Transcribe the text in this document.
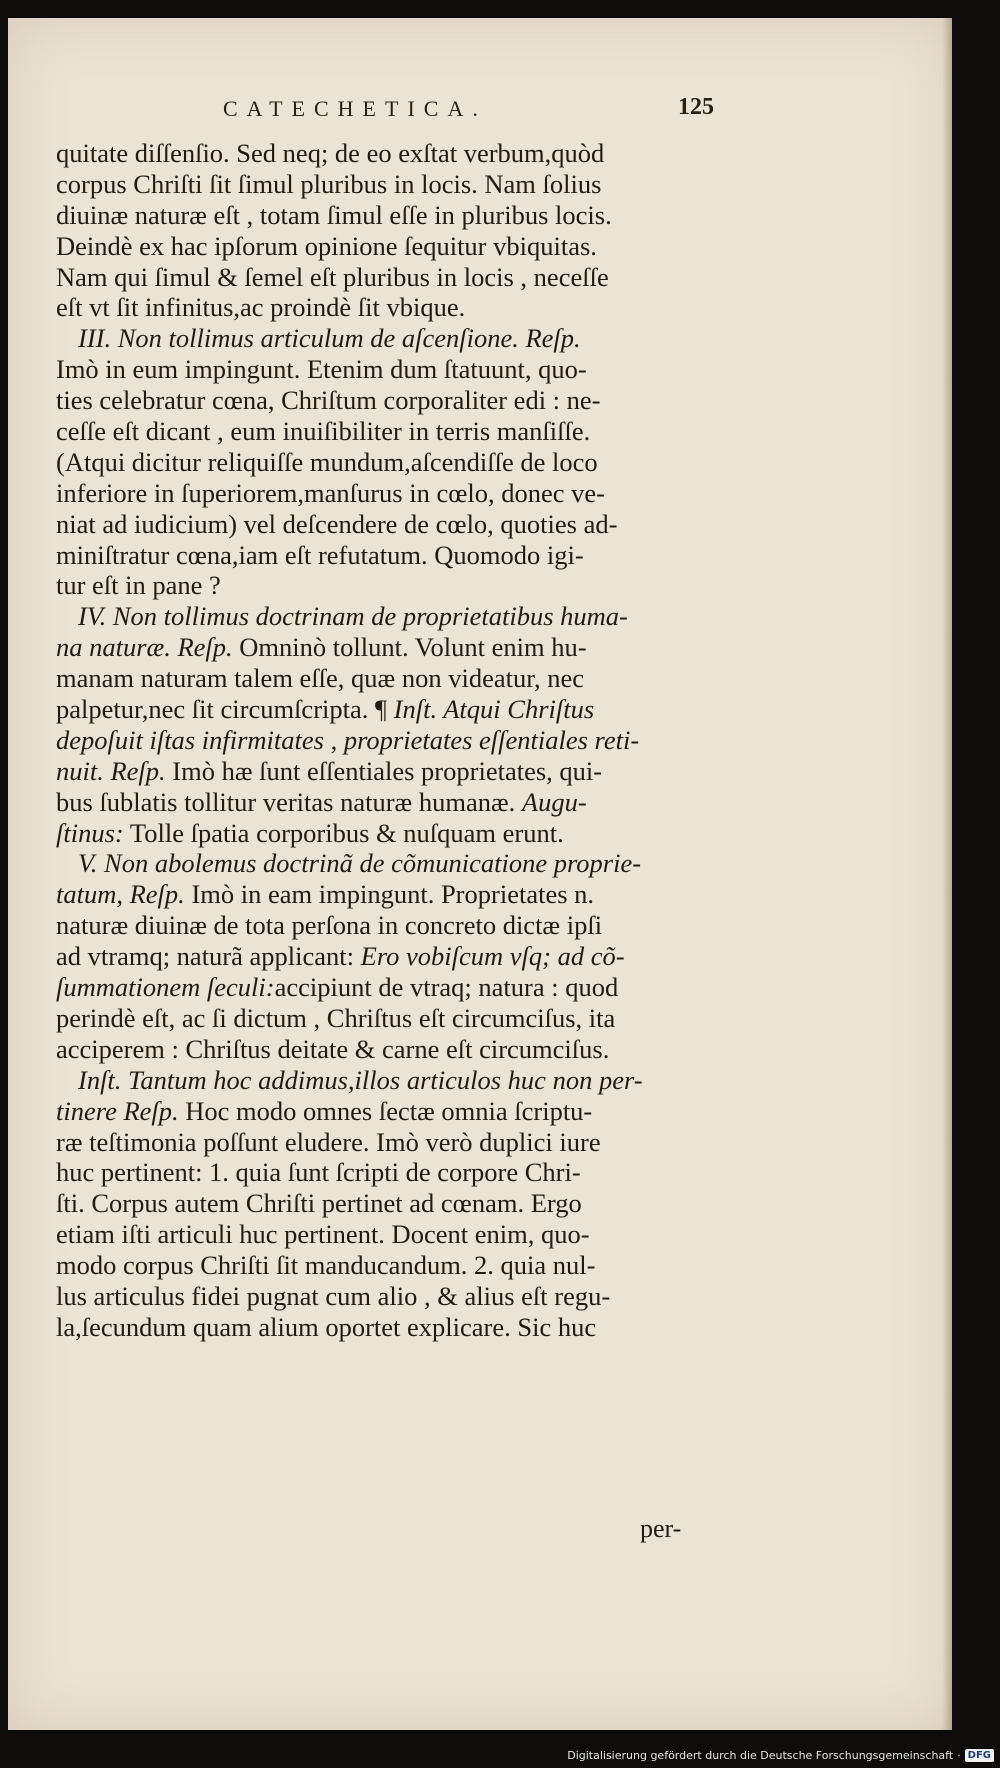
CATECHETICA.	125
quitate diſſenſio. Sed neq; de eo exſtat verbum,quòd
corpus Chriſti ſit ſimul pluribus in locis. Nam ſolius
diuinæ naturæ eſt , totam ſimul eſſe in pluribus locis.
Deindè ex hac ipſorum opinione ſequitur vbiquitas.
Nam qui ſimul & ſemel eſt pluribus in locis , neceſſe
eſt vt ſit infinitus,ac proindè ſit vbique.
III. Non tollimus articulum de aſcenſione. Reſp.
Imò in eum impingunt. Etenim dum ſtatuunt, quo-
ties celebratur cœna, Chriſtum corporaliter edi : ne-
ceſſe eſt dicant , eum inuiſibiliter in terris manſiſſe.
(Atqui dicitur reliquiſſe mundum,aſcendiſſe de loco
inferiore in ſuperiorem,manſurus in cœlo, donec ve-
niat ad iudicium) vel deſcendere de cœlo, quoties ad-
miniſtratur cœna,iam eſt refutatum. Quomodo igi-
tur eſt in pane ?
IV. Non tollimus doctrinam de proprietatibus huma-
na naturæ. Reſp. Omninò tollunt. Volunt enim hu-
manam naturam talem eſſe, quæ non videatur, nec
palpetur,nec ſit circumſcripta. ¶ Inſt. Atqui Chriſtus
depoſuit iſtas infirmitates , proprietates eſſentiales reti-
nuit. Reſp. Imò hæ ſunt eſſentiales proprietates, qui-
bus ſublatis tollitur veritas naturæ humanæ. Augu-
ſtinus: Tolle ſpatia corporibus & nuſquam erunt.
V. Non abolemus doctrinã de cõmunicatione proprie-
tatum, Reſp. Imò in eam impingunt. Proprietates n.
naturæ diuinæ de tota perſona in concreto dictæ ipſi
ad vtramq; naturã applicant: Ero vobiſcum vſq; ad cõ-
ſummationem ſeculi:accipiunt de vtraq; natura : quod
perindè eſt, ac ſi dictum , Chriſtus eſt circumciſus, ita
acciperem : Chriſtus deitate & carne eſt circumciſus.
Inſt. Tantum hoc addimus,illos articulos huc non per-
tinere Reſp. Hoc modo omnes ſectæ omnia ſcriptu-
ræ teſtimonia poſſunt eludere. Imò verò duplici iure
huc pertinent: 1. quia ſunt ſcripti de corpore Chri-
ſti. Corpus autem Chriſti pertinet ad cœnam. Ergo
etiam iſti articuli huc pertinent. Docent enim, quo-
modo corpus Chriſti ſit manducandum. 2. quia nul-
lus articulus fidei pugnat cum alio , & alius eſt regu-
la,ſecundum quam alium oportet explicare. Sic huc
per-
Digitalisierung gefördert durch die Deutsche Forschungsgemeinschaft · DFG
